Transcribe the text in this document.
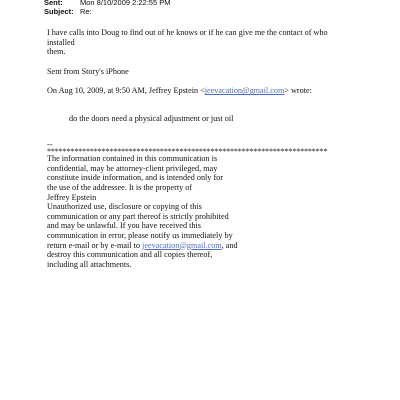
Sent:	Mon 8/10/2009 2:22:55 PM
Subject: Re:

I have calls into Doug to find out of he knows or if he can give me the contact of who installed
them.

Sent from Story's iPhone

On Aug 10, 2009, at 9:50 AM, Jeffrey Epstein <jeevacation@gmail.com> wrote:

do the doors need a physical adjustment or just oil

--

************************************************************************
The information contained in this communication is
confidential, may be attorney-client privileged, may
constitute inside information, and is intended only for
the use of the addressee. It is the property of
Jeffrey Epstein
Unauthorized use, disclosure or copying of this
communication or any part thereof is strictly prohibited
and may be unlawful. If you have received this
communication in error, please notify us immediately by
return e-mail or by e-mail to jeevacation@gmail.com, and
destroy this communication and all copies thereof,
including all attachments.
